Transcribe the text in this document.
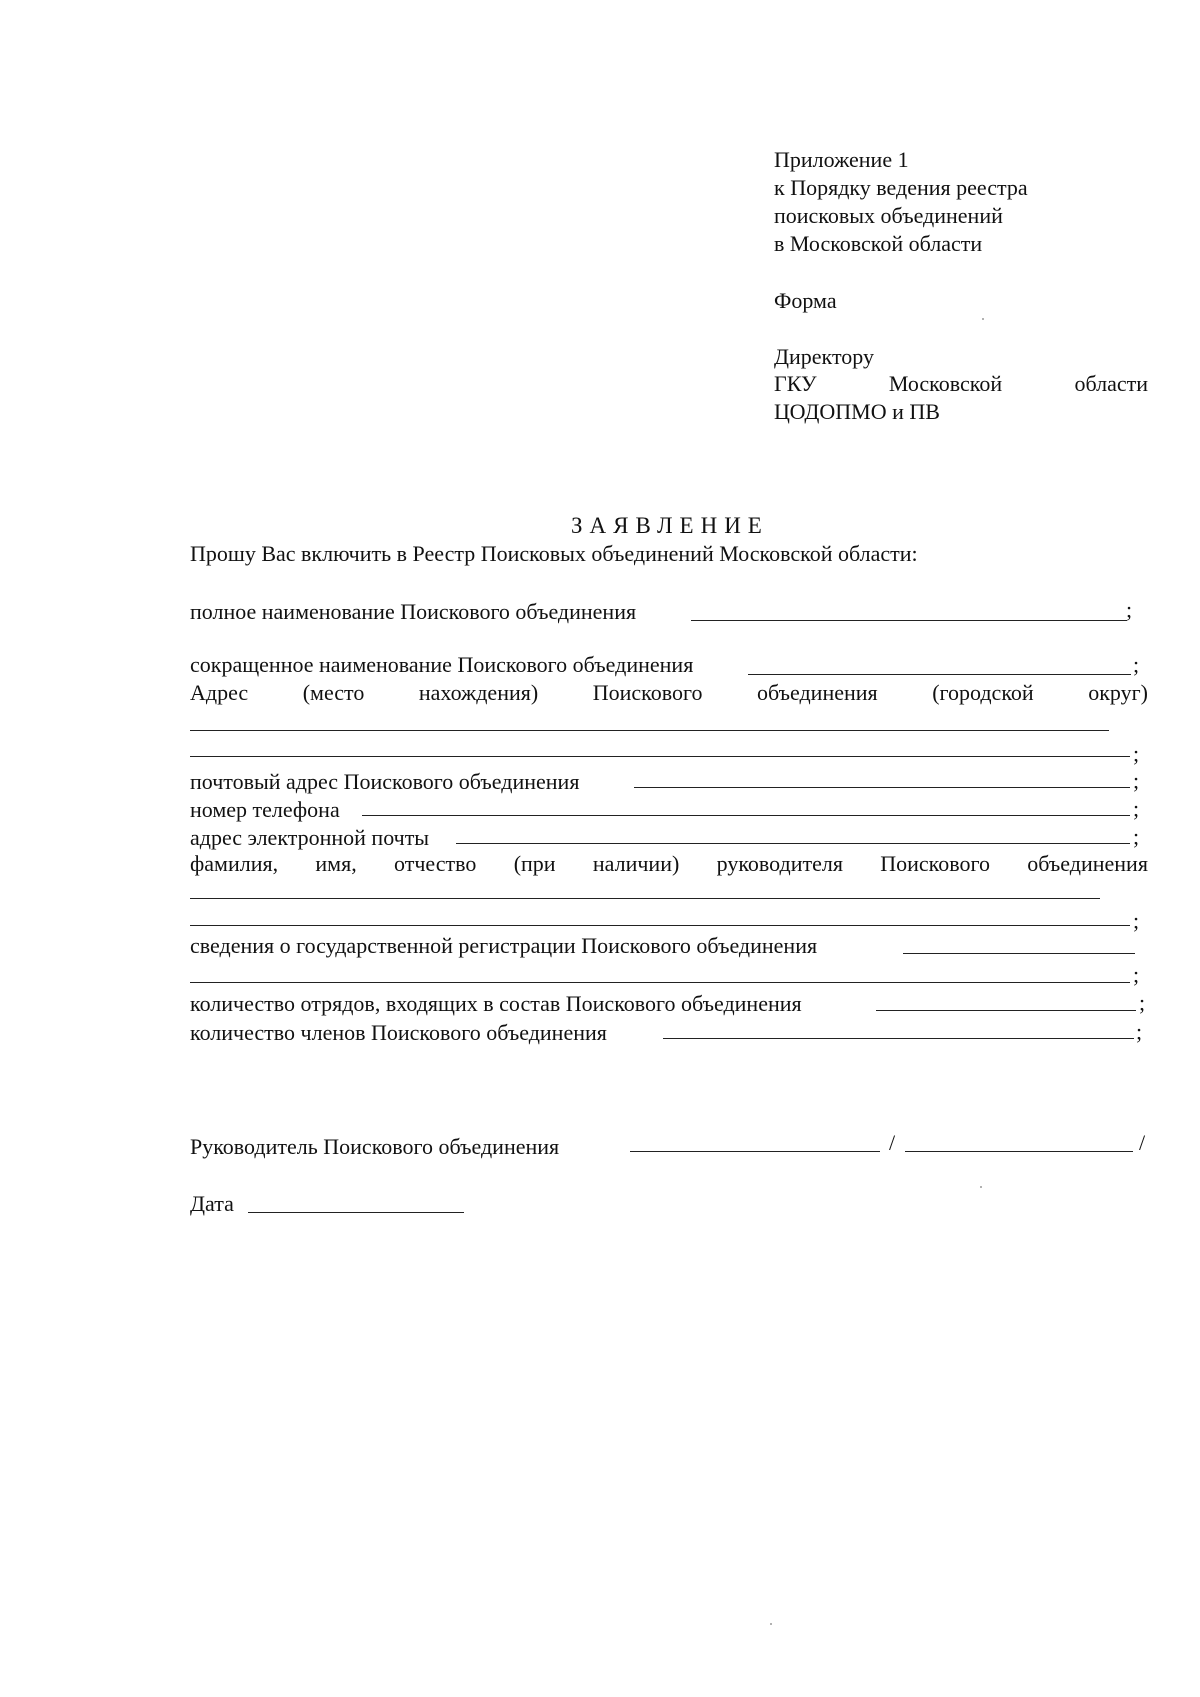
Приложение 1
к Порядку ведения реестра
поисковых объединений
в Московской области
Форма
Директору
ГКУ	Московской	области
ЦОДОПМО и ПВ
ЗАЯВЛЕНИЕ
Прошу Вас включить в Реестр Поисковых объединений Московской области:
полное наименование Поискового объединения	;
сокращенное наименование Поискового объединения	;
Адрес (место нахождения) Поискового объединения (городской округ)
;
почтовый адрес Поискового объединения	;
номер телефона	;
адрес электронной почты	;
фамилия, имя, отчество (при наличии) руководителя Поискового объединения
;
сведения о государственной регистрации Поискового объединения
;
количество отрядов, входящих в состав Поискового объединения	;
количество членов Поискового объединения	;
Руководитель Поискового объединения	/	/
Дата
